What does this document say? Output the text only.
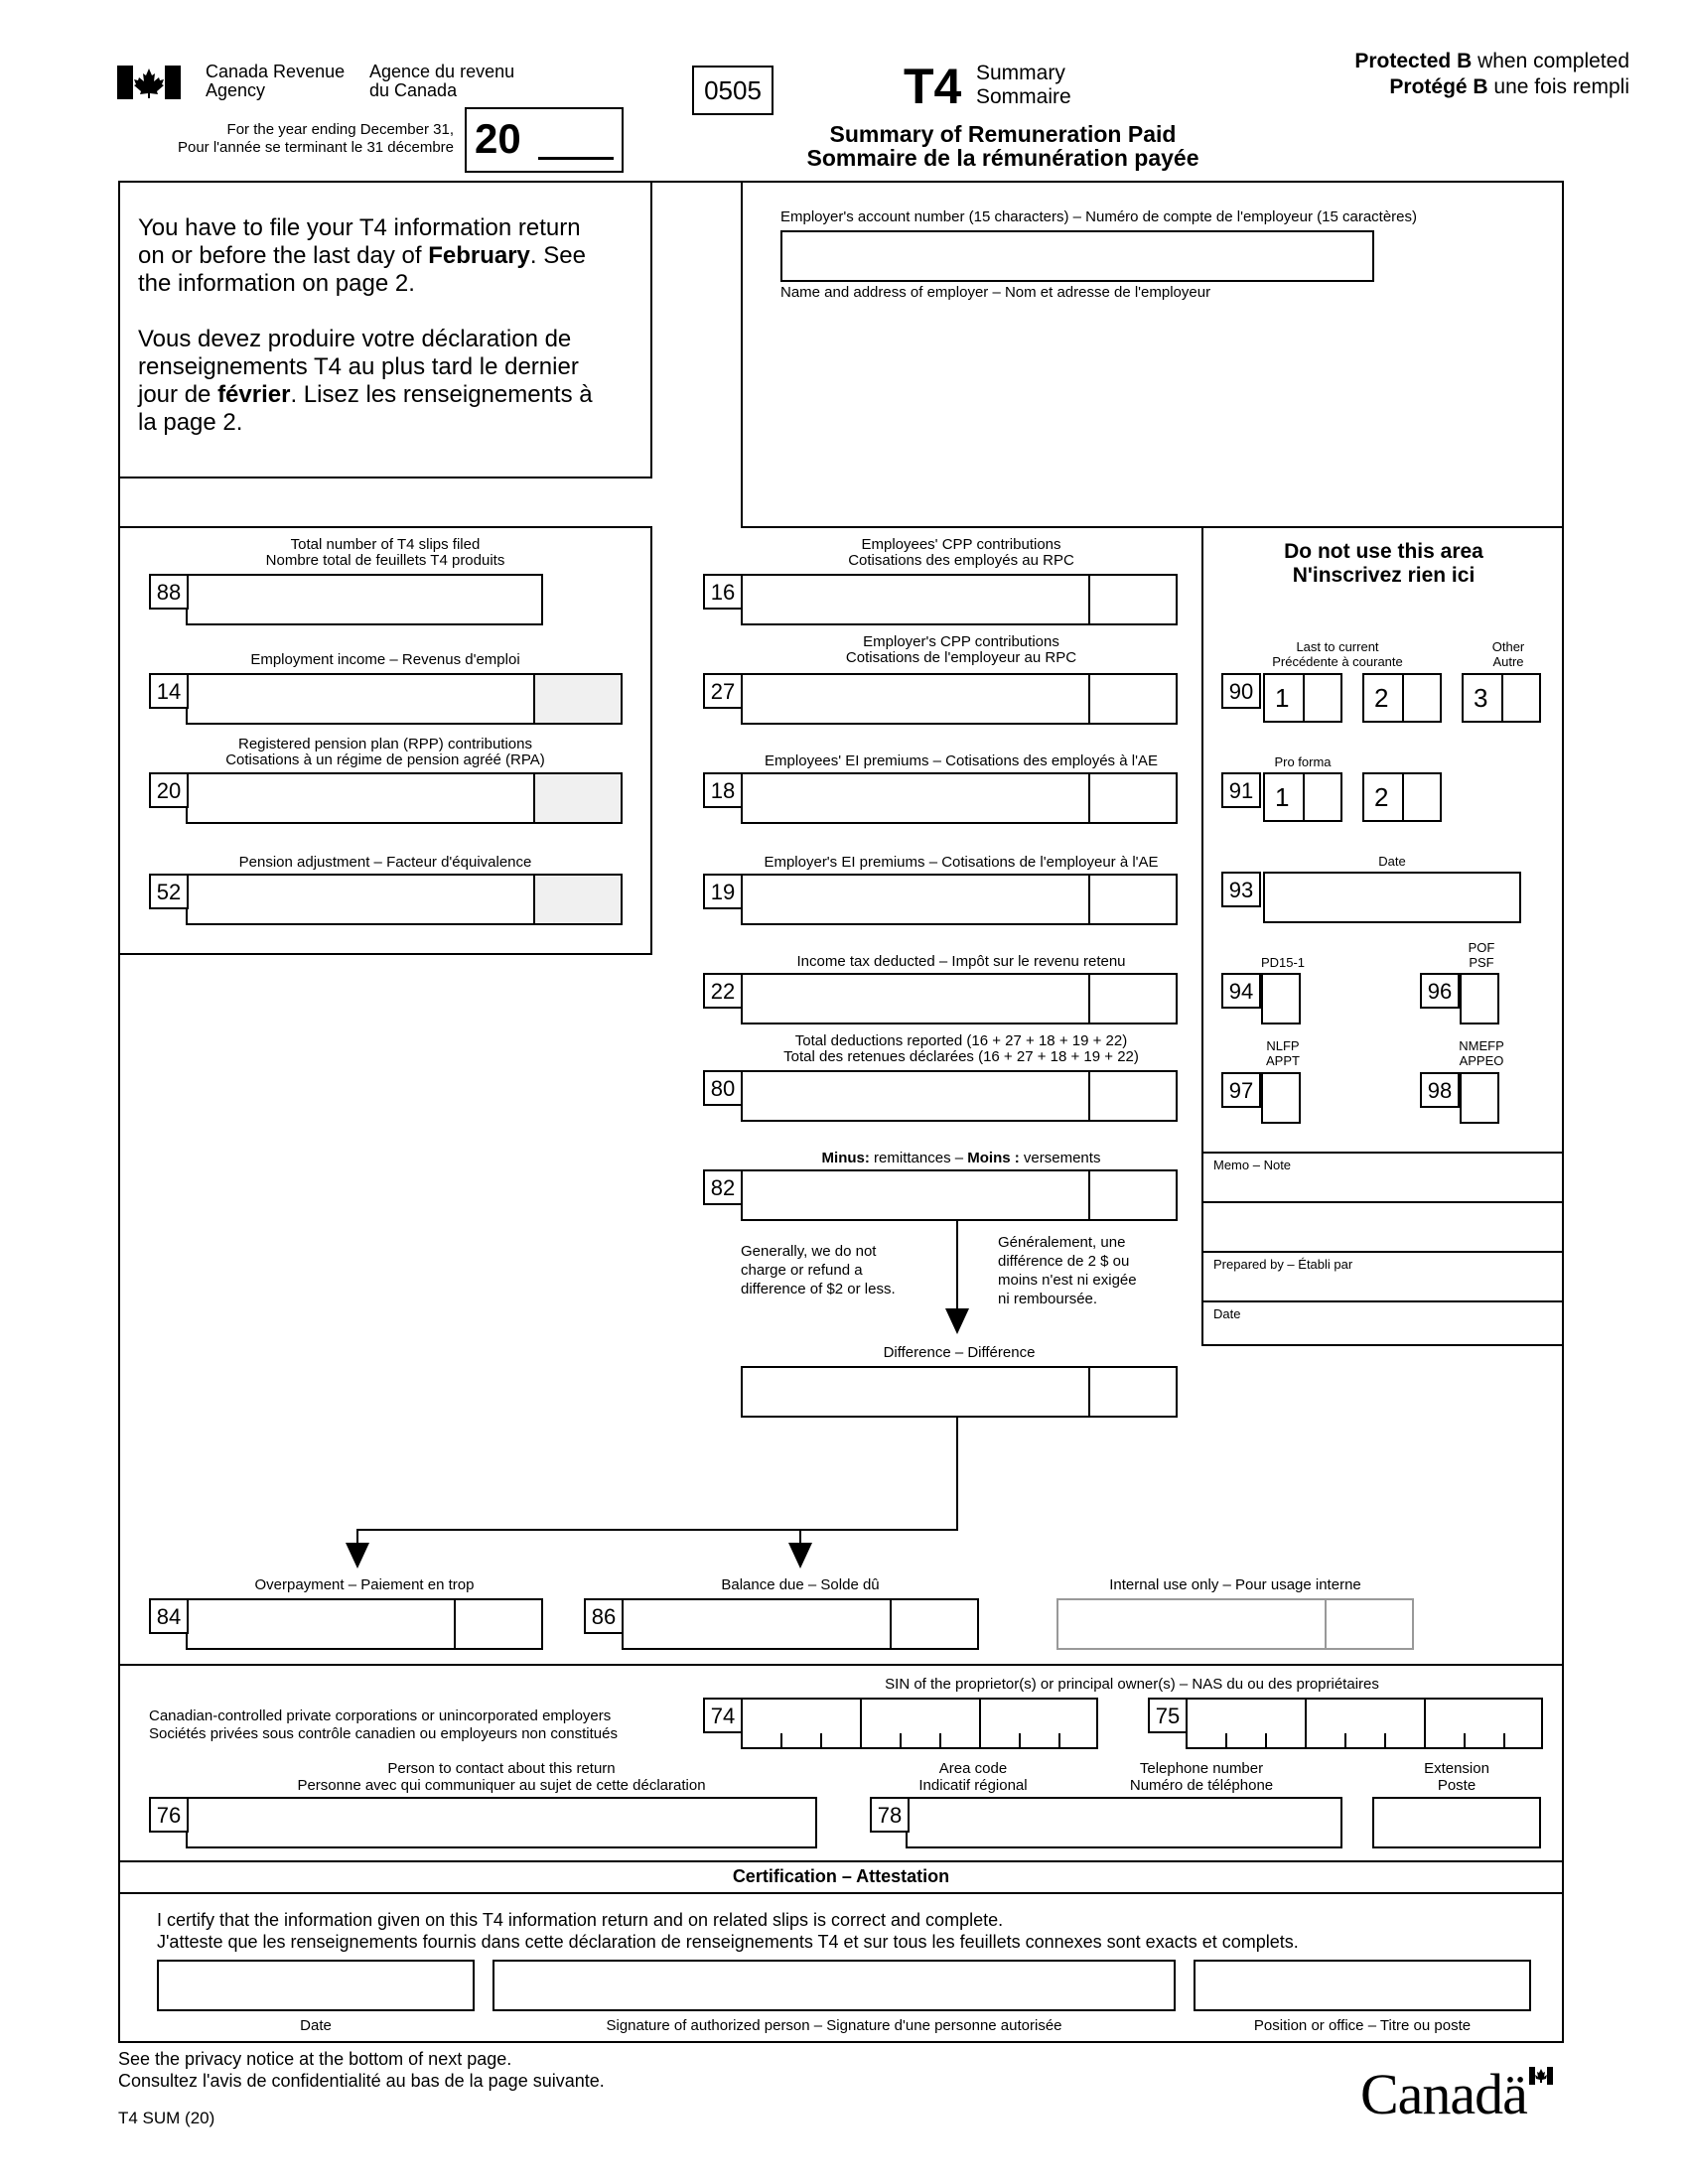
Canada Revenue
Agency
Agence du revenu
du Canada
For the year ending December 31,
Pour l'année se terminant le 31 décembre 20
0505	T4 Summary
Sommaire
Summary of Remuneration Paid
Sommaire de la rémunération payée
Protected B when completed
Protégé B une fois rempli
You have to file your T4 information return
on or before the last day of February. See
the information on page 2.
Vous devez produire votre déclaration de
renseignements T4 au plus tard le dernier
jour de février. Lisez les renseignements à
la page 2.
Employer's account number (15 characters) – Numéro de compte de l'employeur (15 caractères)
Name and address of employer – Nom et adresse de l'employeur
Total number of T4 slips filed
Nombre total de feuillets T4 produits
88
Employment income – Revenus d'emploi
14
Registered pension plan (RPP) contributions
Cotisations à un régime de pension agréé (RPA)
20
Pension adjustment – Facteur d'équivalence
52
Employees' CPP contributions
Cotisations des employés au RPC
16
Employer's CPP contributions
Cotisations de l'employeur au RPC
27
Employees' EI premiums – Cotisations des employés à l'AE
18
Employer's EI premiums – Cotisations de l'employeur à l'AE
19
Income tax deducted – Impôt sur le revenu retenu
22
Total deductions reported (16 + 27 + 18 + 19 + 22)
Total des retenues déclarées (16 + 27 + 18 + 19 + 22)
80
Minus: remittances – Moins : versements
82
Generally, we do not
charge or refund a
difference of $2 or less.
Généralement, une
différence de 2 $ ou
moins n'est ni exigée
ni remboursée.
Difference – Différence
Do not use this area
N'inscrivez rien ici
Last to current
Précédente à courante
Other
Autre
90 1	2	3
Pro forma
91 1	2
Date
93
PD15-1
94
POF
PSF
96
NLFP
APPT
97
NMEFP
APPEO
98
Memo – Note
Prepared by – Établi par
Date
Overpayment – Paiement en trop
84
Balance due – Solde dû
86
Internal use only – Pour usage interne
SIN of the proprietor(s) or principal owner(s) – NAS du ou des propriétaires
Canadian-controlled private corporations or unincorporated employers
Sociétés privées sous contrôle canadien ou employeurs non constitués
74	75
Person to contact about this return
Personne avec qui communiquer au sujet de cette déclaration
76
Area code
Indicatif régional
Telephone number
Numéro de téléphone
78
Extension
Poste
Certification – Attestation
I certify that the information given on this T4 information return and on related slips is correct and complete.
J'atteste que les renseignements fournis dans cette déclaration de renseignements T4 et sur tous les feuillets connexes sont exacts et complets.
Date	Signature of authorized person – Signature d'une personne autorisée	Position or office – Titre ou poste
See the privacy notice at the bottom of next page.
Consultez l'avis de confidentialité au bas de la page suivante.
T4 SUM (20)	Canadä
